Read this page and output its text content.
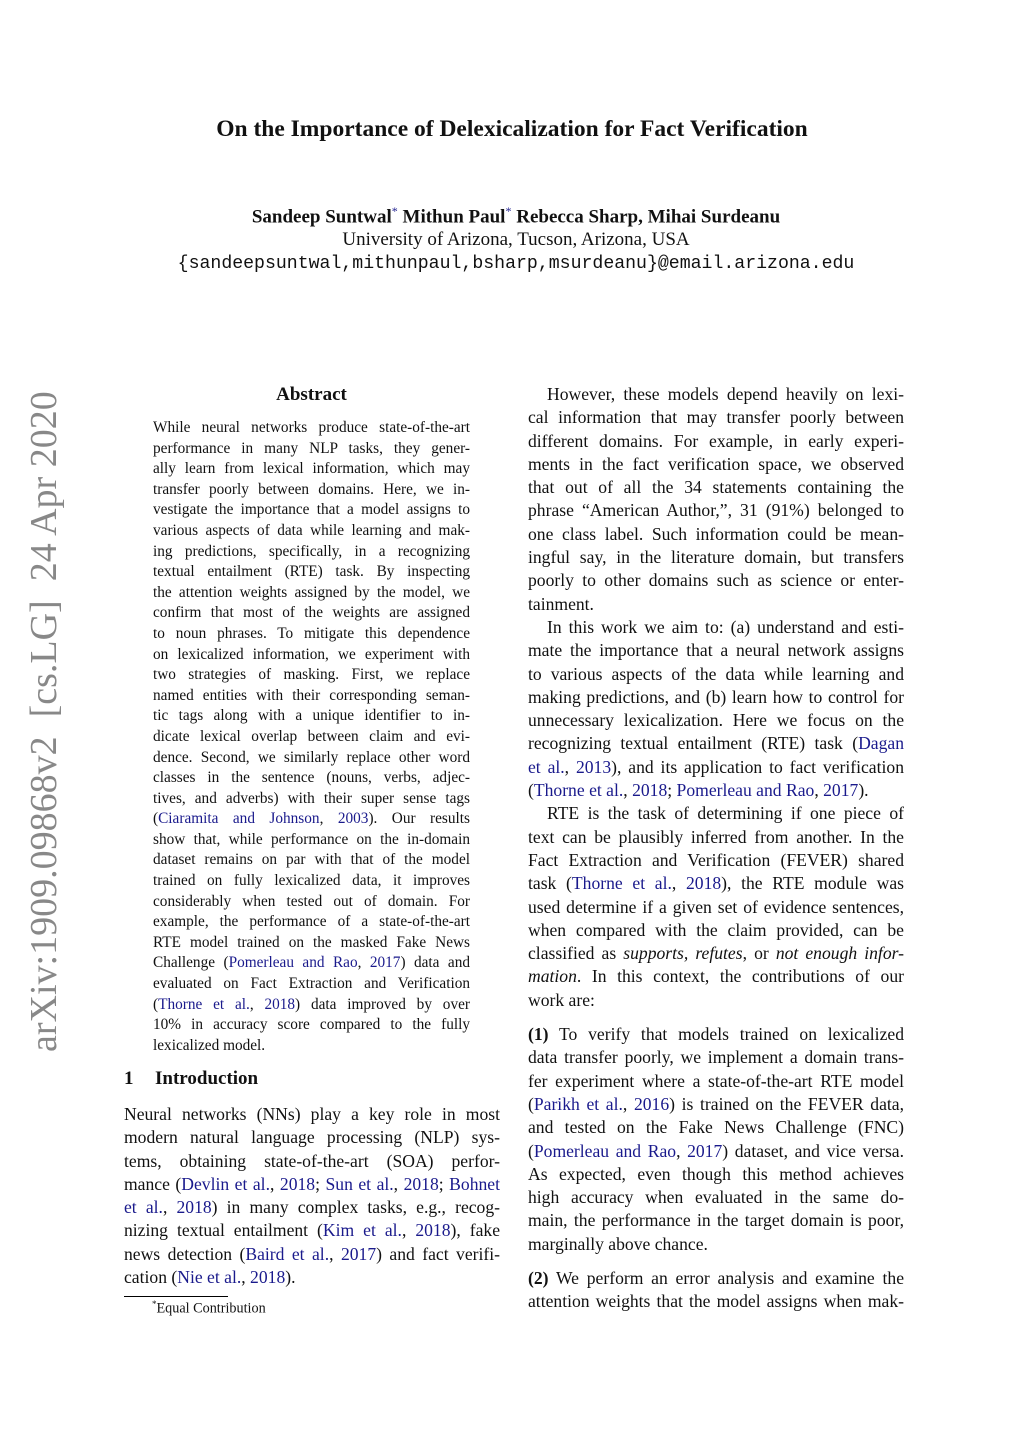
On the Importance of Delexicalization for Fact Verification
Sandeep Suntwal* Mithun Paul* Rebecca Sharp, Mihai Surdeanu
University of Arizona, Tucson, Arizona, USA
{sandeepsuntwal,mithunpaul,bsharp,msurdeanu}@email.arizona.edu
arXiv:1909.09868v2  [cs.LG]  24 Apr 2020	Abstract
While neural networks produce state-of-the-art
performance in many NLP tasks, they gener-
ally learn from lexical information, which may
transfer poorly between domains. Here, we in-
vestigate the importance that a model assigns to
various aspects of data while learning and mak-
ing predictions, specifically, in a recognizing
textual entailment (RTE) task. By inspecting
the attention weights assigned by the model, we
confirm that most of the weights are assigned
to noun phrases. To mitigate this dependence
on lexicalized information, we experiment with
two strategies of masking. First, we replace
named entities with their corresponding seman-
tic tags along with a unique identifier to in-
dicate lexical overlap between claim and evi-
dence. Second, we similarly replace other word
classes in the sentence (nouns, verbs, adjec-
tives, and adverbs) with their super sense tags
(Ciaramita and Johnson, 2003). Our results
show that, while performance on the in-domain
dataset remains on par with that of the model
trained on fully lexicalized data, it improves
considerably when tested out of domain. For
example, the performance of a state-of-the-art
RTE model trained on the masked Fake News
Challenge (Pomerleau and Rao, 2017) data and
evaluated on Fact Extraction and Verification
(Thorne et al., 2018) data improved by over
10% in accuracy score compared to the fully
lexicalized model.
1 Introduction
Neural networks (NNs) play a key role in most
modern natural language processing (NLP) sys-
tems, obtaining state-of-the-art (SOA) perfor-
mance (Devlin et al., 2018; Sun et al., 2018; Bohnet
et al., 2018) in many complex tasks, e.g., recog-
nizing textual entailment (Kim et al., 2018), fake
news detection (Baird et al., 2017) and fact verifi-
cation (Nie et al., 2018).
*Equal Contribution
However, these models depend heavily on lexi-
cal information that may transfer poorly between
different domains. For example, in early experi-
ments in the fact verification space, we observed
that out of all the 34 statements containing the
phrase “American Author,”, 31 (91%) belonged to
one class label. Such information could be mean-
ingful say, in the literature domain, but transfers
poorly to other domains such as science or enter-
tainment.
In this work we aim to: (a) understand and esti-
mate the importance that a neural network assigns
to various aspects of the data while learning and
making predictions, and (b) learn how to control for
unnecessary lexicalization. Here we focus on the
recognizing textual entailment (RTE) task (Dagan
et al., 2013), and its application to fact verification
(Thorne et al., 2018; Pomerleau and Rao, 2017).
RTE is the task of determining if one piece of
text can be plausibly inferred from another. In the
Fact Extraction and Verification (FEVER) shared
task (Thorne et al., 2018), the RTE module was
used determine if a given set of evidence sentences,
when compared with the claim provided, can be
classified as supports, refutes, or not enough infor-
mation. In this context, the contributions of our
work are:
(1) To verify that models trained on lexicalized
data transfer poorly, we implement a domain trans-
fer experiment where a state-of-the-art RTE model
(Parikh et al., 2016) is trained on the FEVER data,
and tested on the Fake News Challenge (FNC)
(Pomerleau and Rao, 2017) dataset, and vice versa.
As expected, even though this method achieves
high accuracy when evaluated in the same do-
main, the performance in the target domain is poor,
marginally above chance.
(2) We perform an error analysis and examine the
attention weights that the model assigns when mak-
